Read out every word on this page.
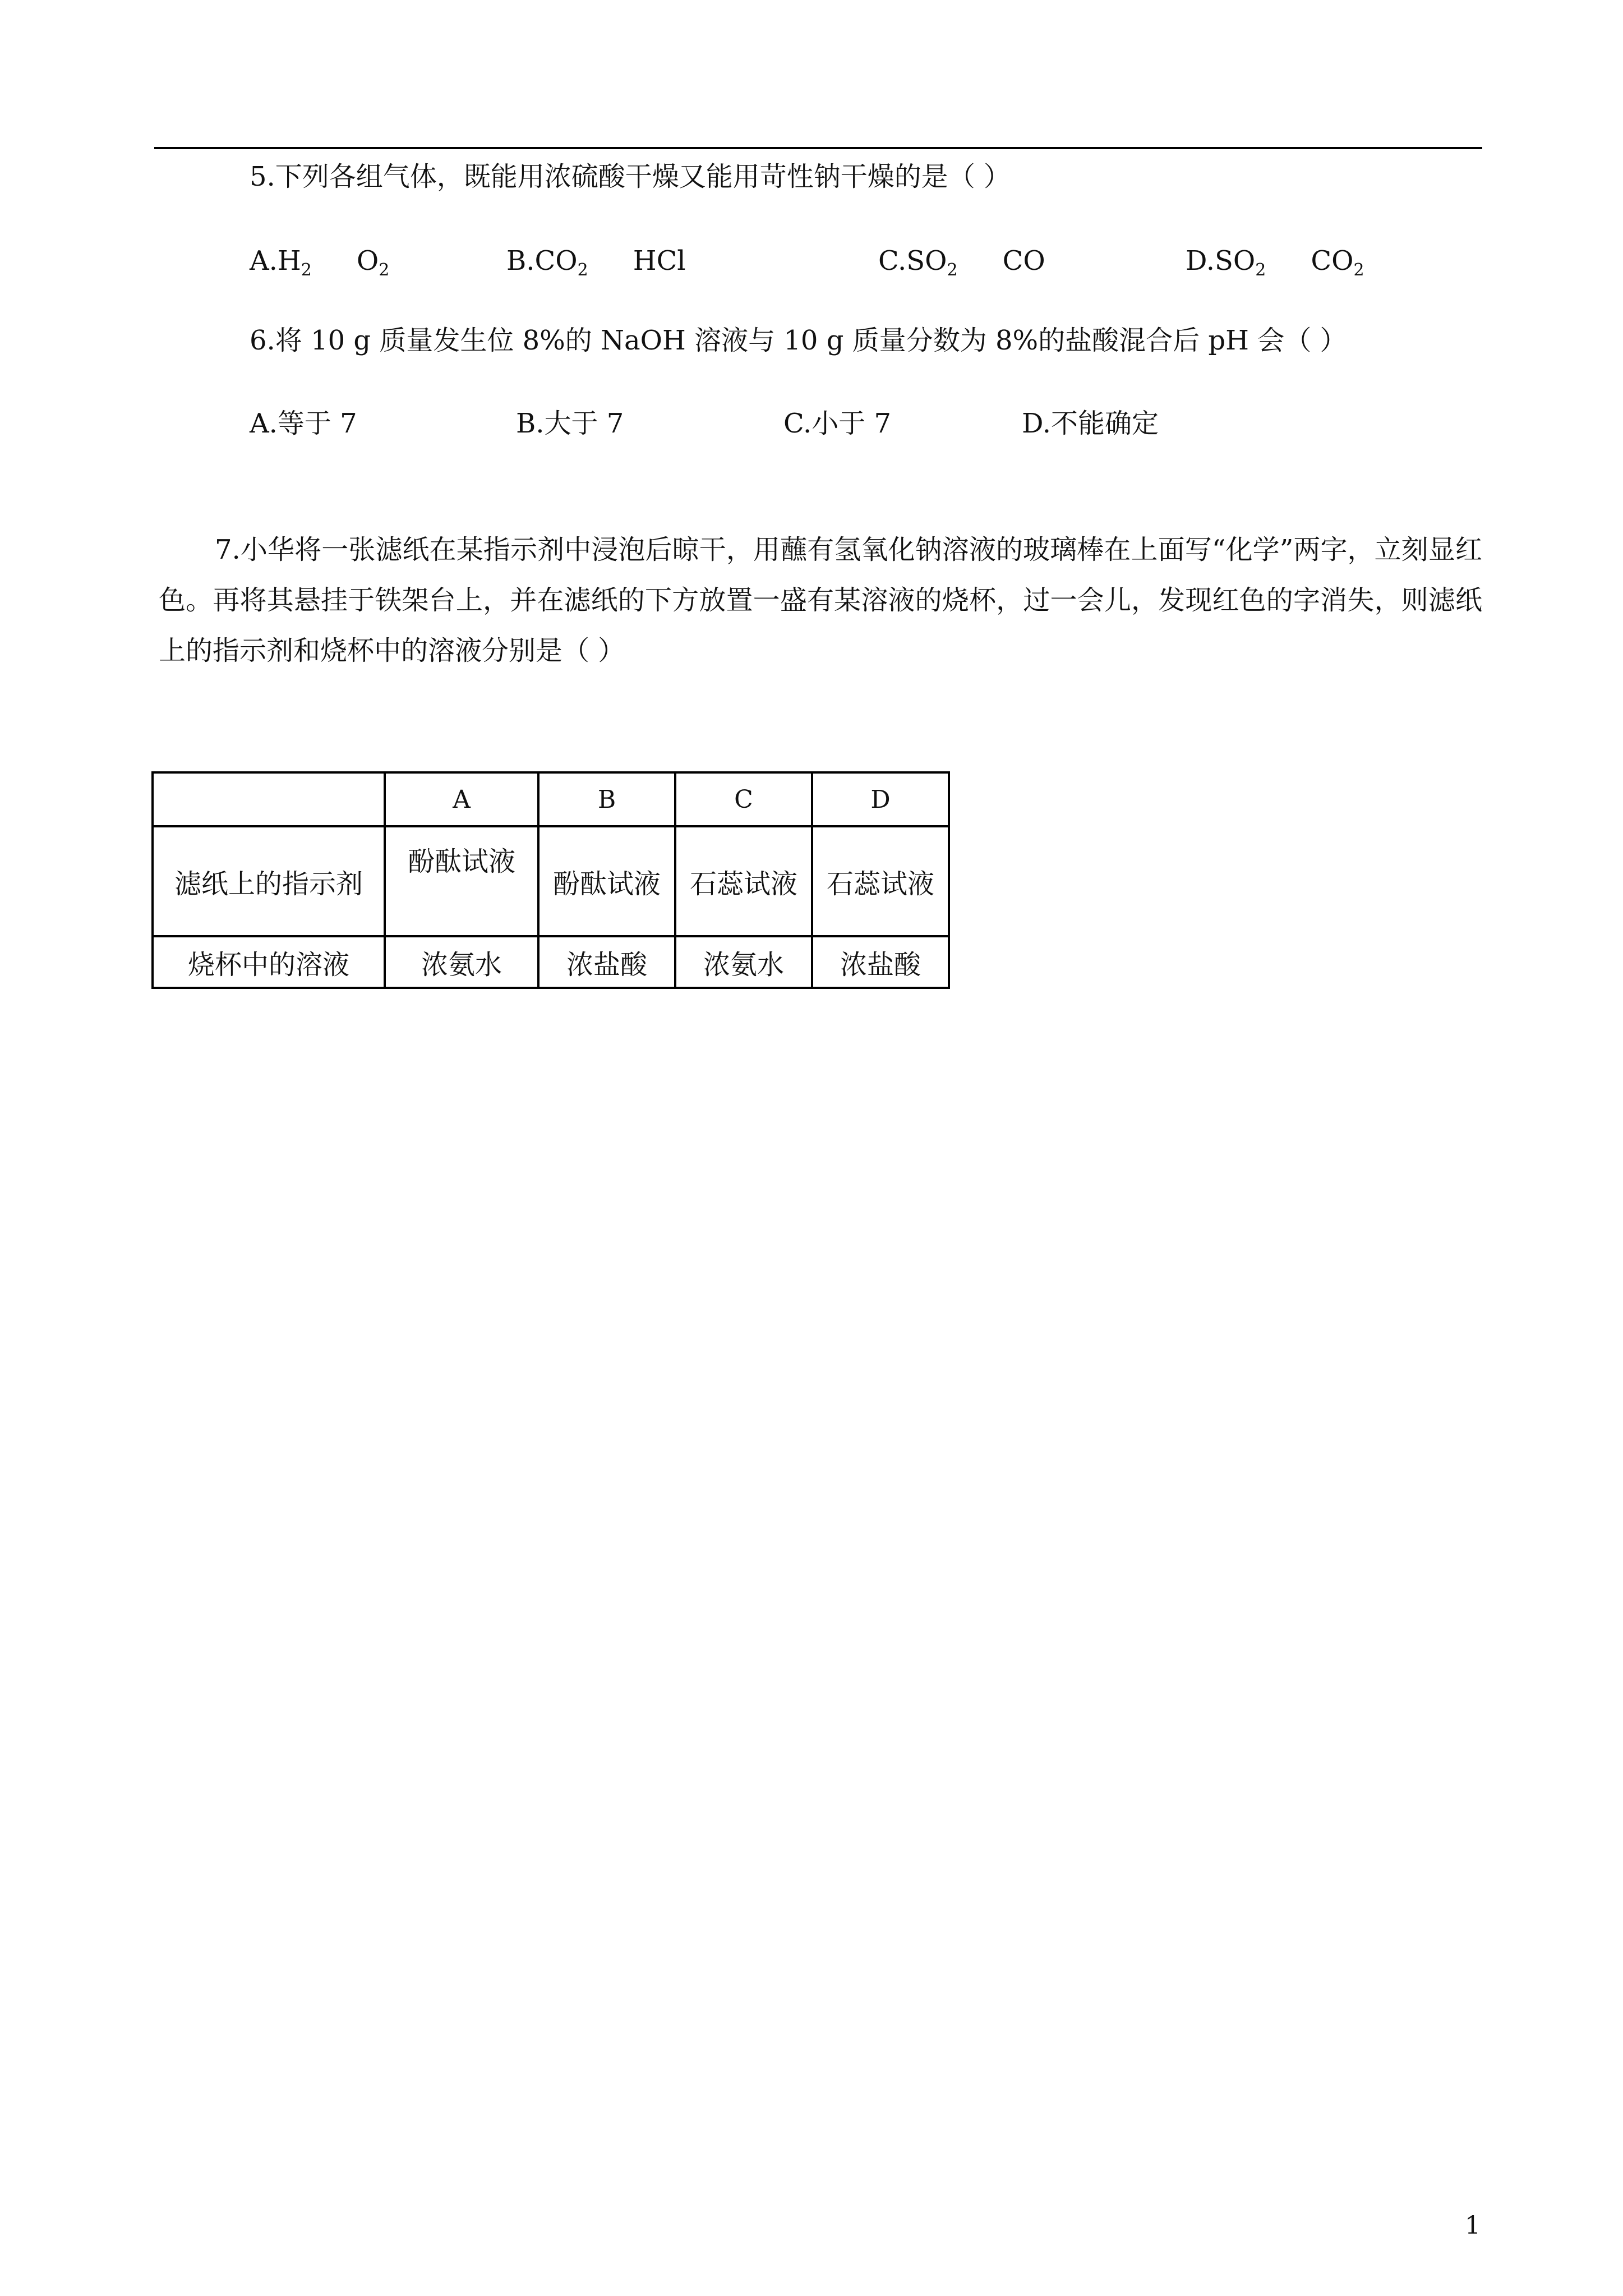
5.下列各组气体，既能用浓硫酸干燥又能用苛性钠干燥的是（ ）
$A.H_2$ $O_2$	$B.CO_2$ HCl	$C.SO_2$ CO	$D.SO_2$ $CO_2$
6.将 10 g 质量发生位 8%的 NaOH 溶液与 10 g 质量分数为 8%的盐酸混合后 pH 会（ ）
A.等于 7	B.大于 7	C.小于 7	D.不能确定
7.小华将一张滤纸在某指示剂中浸泡后晾干，用蘸有氢氧化钠溶液的玻璃棒在上面写“化学”两字，立刻显红色。再将其悬挂于铁架台上，并在滤纸的下方放置一盛有某溶液的烧杯，过一会儿，发现红色的字消失，则滤纸上的指示剂和烧杯中的溶液分别是（ ）
	A	B	C	D
滤纸上的指示剂	酚酞试液	酚酞试液	石蕊试液	石蕊试液
烧杯中的溶液	浓氨水	浓盐酸	浓氨水	浓盐酸
1
